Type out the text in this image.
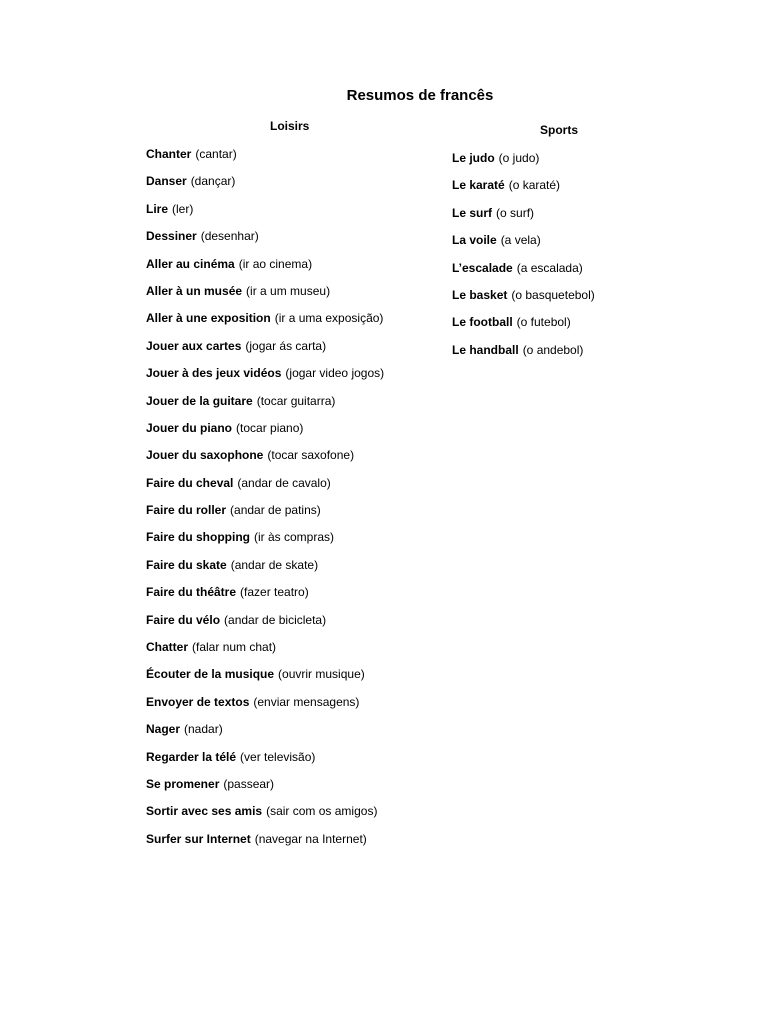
Resumos de francês
Loisirs
Chanter (cantar)
Danser (dançar)
Lire (ler)
Dessiner (desenhar)
Aller au cinéma (ir ao cinema)
Aller à un musée (ir a um museu)
Aller à une exposition (ir a uma exposição)
Jouer aux cartes (jogar ás carta)
Jouer à des jeux vidéos (jogar video jogos)
Jouer de la guitare (tocar guitarra)
Jouer du piano (tocar piano)
Jouer du saxophone (tocar saxofone)
Faire du cheval (andar de cavalo)
Faire du roller (andar de patins)
Faire du shopping (ir às compras)
Faire du skate (andar de skate)
Faire du théâtre (fazer teatro)
Faire du vélo (andar de bicicleta)
Chatter (falar num chat)
Écouter de la musique (ouvrir musique)
Envoyer de textos (enviar mensagens)
Nager (nadar)
Regarder la télé (ver televisão)
Se promener (passear)
Sortir avec ses amis (sair com os amigos)
Surfer sur Internet (navegar na Internet)
Sports
Le judo (o judo)
Le karaté (o karaté)
Le surf (o surf)
La voile (a vela)
L’escalade (a escalada)
Le basket (o basquetebol)
Le football (o futebol)
Le handball (o andebol)
